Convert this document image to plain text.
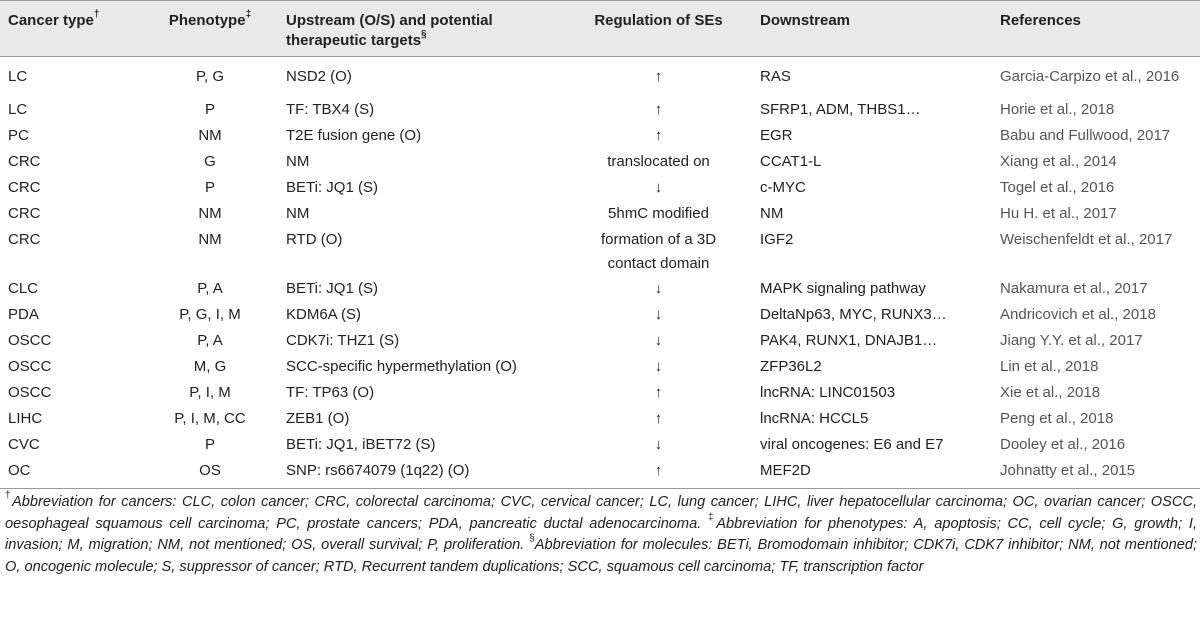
Cancer type†	Phenotype‡	Upstream (O/S) and potential
therapeutic targets§	Regulation of SEs	Downstream	References
LC	P, G	NSD2 (O)	↑	RAS	Garcia-Carpizo et al., 2016
LC	P	TF: TBX4 (S)	↑	SFRP1, ADM, THBS1…	Horie et al., 2018
PC	NM	T2E fusion gene (O)	↑	EGR	Babu and Fullwood, 2017
CRC	G	NM	translocated on	CCAT1-L	Xiang et al., 2014
CRC	P	BETi: JQ1 (S)	↓	c-MYC	Togel et al., 2016
CRC	NM	NM	5hmC modified	NM	Hu H. et al., 2017
CRC	NM	RTD (O)	formation of a 3D
contact domain	IGF2	Weischenfeldt et al., 2017
CLC	P, A	BETi: JQ1 (S)	↓	MAPK signaling pathway	Nakamura et al., 2017
PDA	P, G, I, M	KDM6A (S)	↓	DeltaNp63, MYC, RUNX3…	Andricovich et al., 2018
OSCC	P, A	CDK7i: THZ1 (S)	↓	PAK4, RUNX1, DNAJB1…	Jiang Y.Y. et al., 2017
OSCC	M, G	SCC-specific hypermethylation (O)	↓	ZFP36L2	Lin et al., 2018
OSCC	P, I, M	TF: TP63 (O)	↑	lncRNA: LINC01503	Xie et al., 2018
LIHC	P, I, M, CC	ZEB1 (O)	↑	lncRNA: HCCL5	Peng et al., 2018
CVC	P	BETi: JQ1, iBET72 (S)	↓	viral oncogenes: E6 and E7	Dooley et al., 2016
OC	OS	SNP: rs6674079 (1q22) (O)	↑	MEF2D	Johnatty et al., 2015
†Abbreviation for cancers: CLC, colon cancer; CRC, colorectal carcinoma; CVC, cervical cancer; LC, lung cancer; LIHC, liver hepatocellular carcinoma; OC, ovarian cancer; OSCC, oesophageal squamous cell carcinoma; PC, prostate cancers; PDA, pancreatic ductal adenocarcinoma. ‡Abbreviation for phenotypes: A, apoptosis; CC, cell cycle; G, growth; I, invasion; M, migration; NM, not mentioned; OS, overall survival; P, proliferation. §Abbreviation for molecules: BETi, Bromodomain inhibitor; CDK7i, CDK7 inhibitor; NM, not mentioned; O, oncogenic molecule; S, suppressor of cancer; RTD, Recurrent tandem duplications; SCC, squamous cell carcinoma; TF, transcription factor
